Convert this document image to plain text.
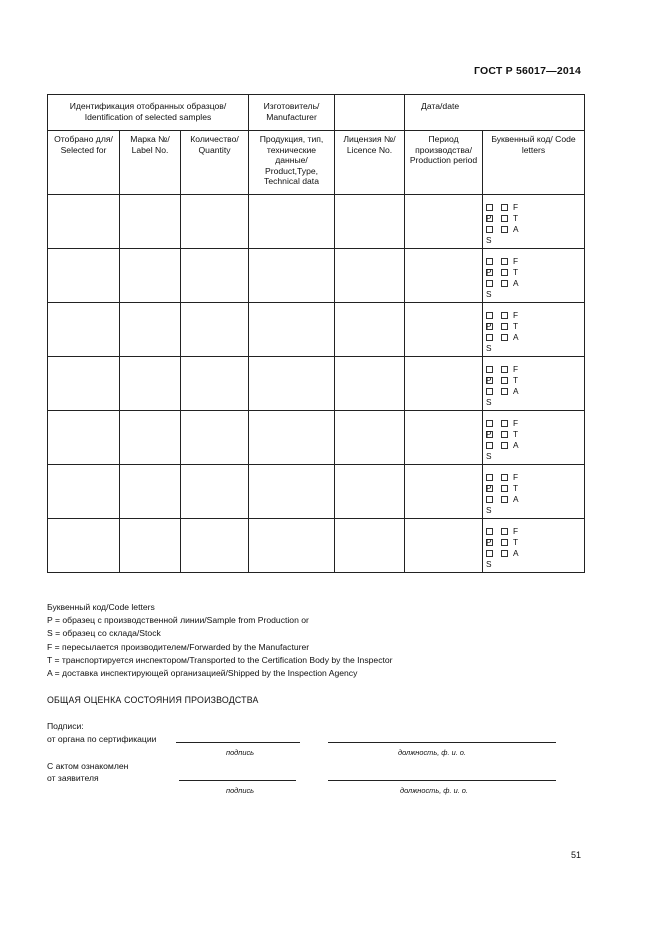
ГОСТ Р 56017—2014
Идентификация отобранных образцов/ Identification of selected samples			Изготовитель/ Manufacturer		Дата/date	
Отобрано для/ Selected for	Марка №/ Label No.	Количество/ Quantity	Продукция, тип, технические данные/ Product,Type, Technical data	Лицензия №/ Licence No.	Период производства/ Production period	Буквенный код/ Code letters

						F
P T
A
S

						F
P T
A
S

						F
P T
A
S

						F
P T
A
S

						F
P T
A
S

						F
P T
A
S

						F
P T
A
S
Буквенный код/Code letters
P = образец с производственной линии/Sample from Production or
S = образец со склада/Stock
F = пересылается производителем/Forwarded by the Manufacturer
T = транспортируется инспектором/Transported to the Certification Body by the Inspector
A = доставка инспектирующей организацией/Shipped by the Inspection Agency
ОБЩАЯ ОЦЕНКА СОСТОЯНИЯ ПРОИЗВОДСТВА
Подписи:
от органа по сертификации
подпись	должность, ф. и. о.
С актом ознакомлен
от заявителя
подпись	должность, ф. и. о.
51
